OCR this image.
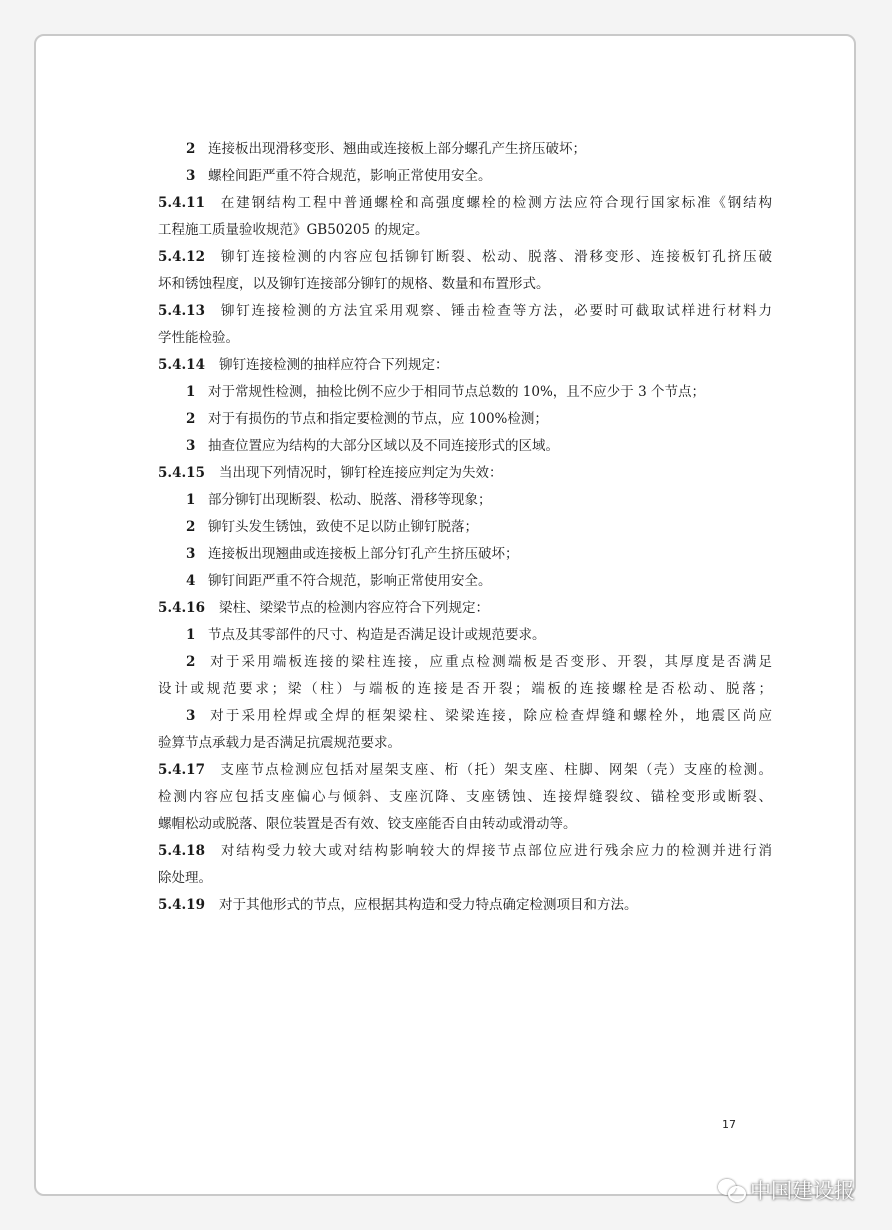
2 连接板出现滑移变形、翘曲或连接板上部分螺孔产生挤压破坏；
3 螺栓间距严重不符合规范，影响正常使用安全。
5.4.11 在建钢结构工程中普通螺栓和高强度螺栓的检测方法应符合现行国家标准《钢结构
工程施工质量验收规范》GB50205 的规定。
5.4.12 铆钉连接检测的内容应包括铆钉断裂、松动、脱落、滑移变形、连接板钉孔挤压破
坏和锈蚀程度，以及铆钉连接部分铆钉的规格、数量和布置形式。
5.4.13 铆钉连接检测的方法宜采用观察、锤击检查等方法，必要时可截取试样进行材料力
学性能检验。
5.4.14 铆钉连接检测的抽样应符合下列规定：
1 对于常规性检测，抽检比例不应少于相同节点总数的 10%，且不应少于 3 个节点；
2 对于有损伤的节点和指定要检测的节点，应 100%检测；
3 抽查位置应为结构的大部分区域以及不同连接形式的区域。
5.4.15 当出现下列情况时，铆钉栓连接应判定为失效：
1 部分铆钉出现断裂、松动、脱落、滑移等现象；
2 铆钉头发生锈蚀，致使不足以防止铆钉脱落；
3 连接板出现翘曲或连接板上部分钉孔产生挤压破坏；
4 铆钉间距严重不符合规范，影响正常使用安全。
5.4.16 梁柱、梁梁节点的检测内容应符合下列规定：
1 节点及其零部件的尺寸、构造是否满足设计或规范要求。
2 对于采用端板连接的梁柱连接，应重点检测端板是否变形、开裂，其厚度是否满足
设计或规范要求；梁（柱）与端板的连接是否开裂；端板的连接螺栓是否松动、脱落；
3 对于采用栓焊或全焊的框架梁柱、梁梁连接，除应检查焊缝和螺栓外，地震区尚应
验算节点承载力是否满足抗震规范要求。
5.4.17 支座节点检测应包括对屋架支座、桁（托）架支座、柱脚、网架（壳）支座的检测。
检测内容应包括支座偏心与倾斜、支座沉降、支座锈蚀、连接焊缝裂纹、锚栓变形或断裂、
螺帽松动或脱落、限位装置是否有效、铰支座能否自由转动或滑动等。
5.4.18 对结构受力较大或对结构影响较大的焊接节点部位应进行残余应力的检测并进行消
除处理。
5.4.19 对于其他形式的节点，应根据其构造和受力特点确定检测项目和方法。
17
中国建设报
